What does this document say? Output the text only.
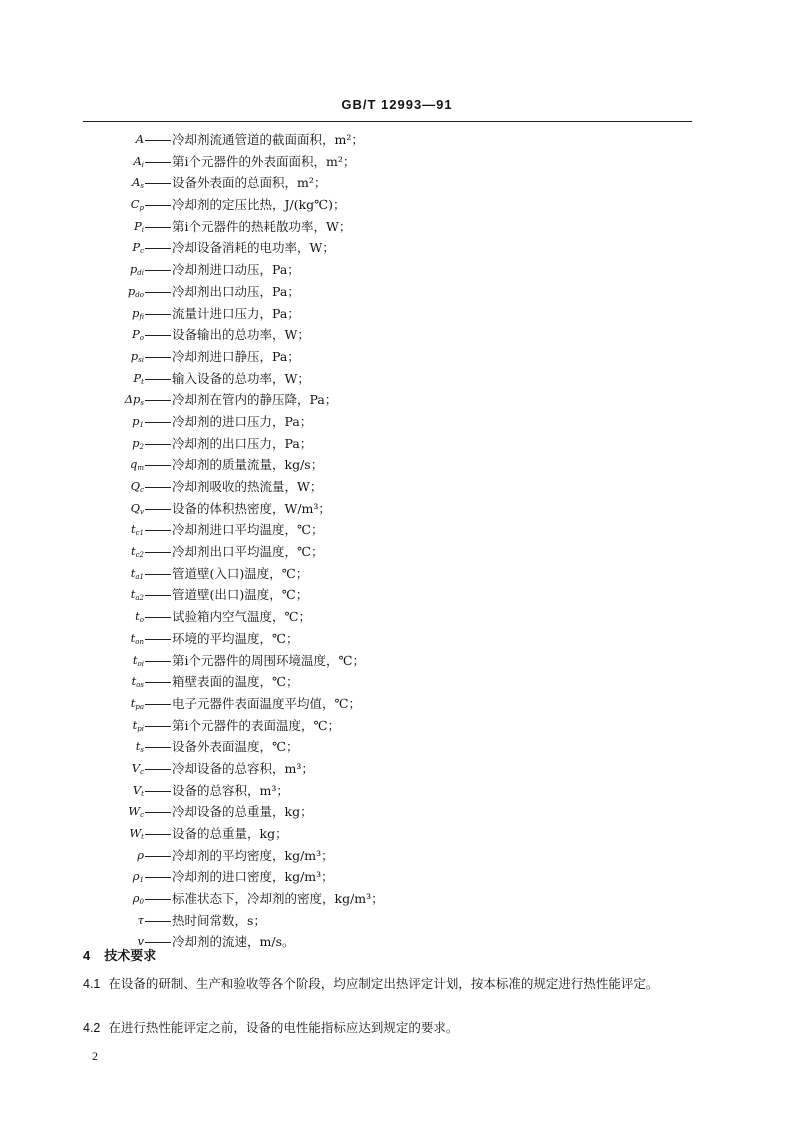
GB/T 12993—91
A	冷却剂流通管道的截面面积，m²；
$A_i$	第i个元器件的外表面面积，m²；
$A_s$	设备外表面的总面积，m²；
$C_p$	冷却剂的定压比热，J/(kg℃)；
$P_i$	第i个元器件的热耗散功率，W；
$P_c$	冷却设备消耗的电功率，W；
$p_{di}$	冷却剂进口动压，Pa；
$p_{do}$	冷却剂出口动压，Pa；
$p_{fi}$	流量计进口压力，Pa；
$P_o$	设备输出的总功率，W；
$p_{si}$	冷却剂进口静压，Pa；
$P_t$	输入设备的总功率，W；
$\Delta p_s$	冷却剂在管内的静压降，Pa；
$p_1$	冷却剂的进口压力，Pa；
$p_2$	冷却剂的出口压力，Pa；
$q_m$	冷却剂的质量流量，kg/s；
$Q_c$	冷却剂吸收的热流量，W；
$Q_v$	设备的体积热密度，W/m³；
$t_{c1}$	冷却剂进口平均温度，℃；
$t_{c2}$	冷却剂出口平均温度，℃；
$t_{a1}$	管道壁(入口)温度，℃；
$t_{a2}$	管道壁(出口)温度，℃；
$t_o$	试验箱内空气温度，℃；
$t_{on}$	环境的平均温度，℃；
$t_{oi}$	第i个元器件的周围环境温度，℃；
$t_{os}$	箱壁表面的温度，℃；
$t_{pa}$	电子元器件表面温度平均值，℃；
$t_{pi}$	第i个元器件的表面温度，℃；
$t_s$	设备外表面温度，℃；
$V_c$	冷却设备的总容积，m³；
$V_t$	设备的总容积，m³；
$W_c$	冷却设备的总重量，kg；
$W_t$	设备的总重量，kg；
ρ	冷却剂的平均密度，kg/m³；
$\rho_1$	冷却剂的进口密度，kg/m³；
$\rho_0$	标准状态下，冷却剂的密度，kg/m³；
τ	热时间常数，s；
v	冷却剂的流速，m/s。
4 技术要求
4.1 在设备的研制、生产和验收等各个阶段，均应制定出热评定计划，按本标准的规定进行热性能评定。
4.2 在进行热性能评定之前，设备的电性能指标应达到规定的要求。
2
